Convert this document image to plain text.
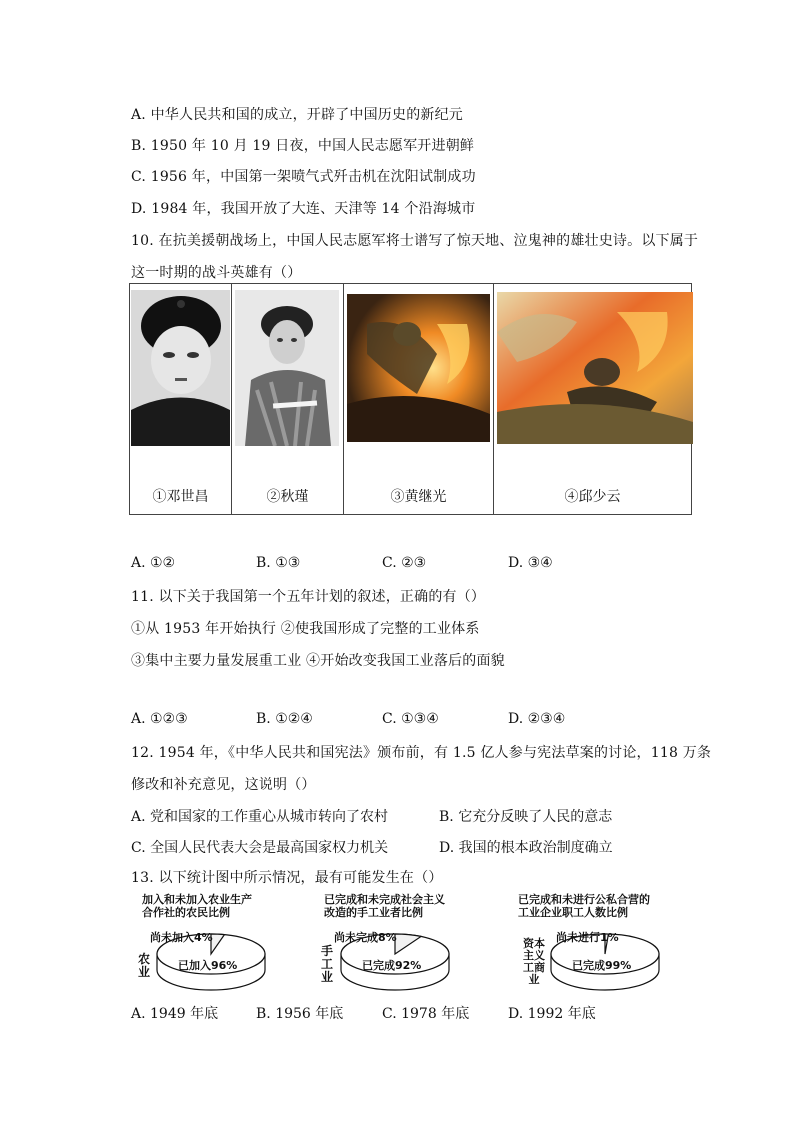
A. 中华人民共和国的成立，开辟了中国历史的新纪元
B. 1950 年 10 月 19 日夜，中国人民志愿军开进朝鲜
C. 1956 年，中国第一架喷气式歼击机在沈阳试制成功
D. 1984 年，我国开放了大连、天津等 14 个沿海城市
10. 在抗美援朝战场上，中国人民志愿军将士谱写了惊天地、泣鬼神的雄壮史诗。以下属于
这一时期的战斗英雄有（）
①邓世昌	②秋瑾	③黄继光	④邱少云
A. ①②	B. ①③	C. ②③	D. ③④
11. 以下关于我国第一个五年计划的叙述，正确的有（）
①从 1953 年开始执行 ②使我国形成了完整的工业体系
③集中主要力量发展重工业 ④开始改变我国工业落后的面貌
A. ①②③	B. ①②④	C. ①③④	D. ②③④
12. 1954 年，《中华人民共和国宪法》颁布前，有 1.5 亿人参与宪法草案的讨论，118 万条
修改和补充意见，这说明（）
A. 党和国家的工作重心从城市转向了农村	B. 它充分反映了人民的意志
C. 全国人民代表大会是最高国家权力机关	D. 我国的根本政治制度确立
13. 以下统计图中所示情况，最有可能发生在（）
加入和未加入农业生产
合作社的农民比例
农业	已加入96%
尚未加入4%
已完成和未完成社会主义
改造的手工业者比例
手工业
已完成92%
尚未完成8%
已完成和未进行公私合营的
工业企业职工人数比例
资本主义工商业
已完成99%
尚未进行1%
A. 1949 年底	B. 1956 年底	C. 1978 年底	D. 1992 年底
